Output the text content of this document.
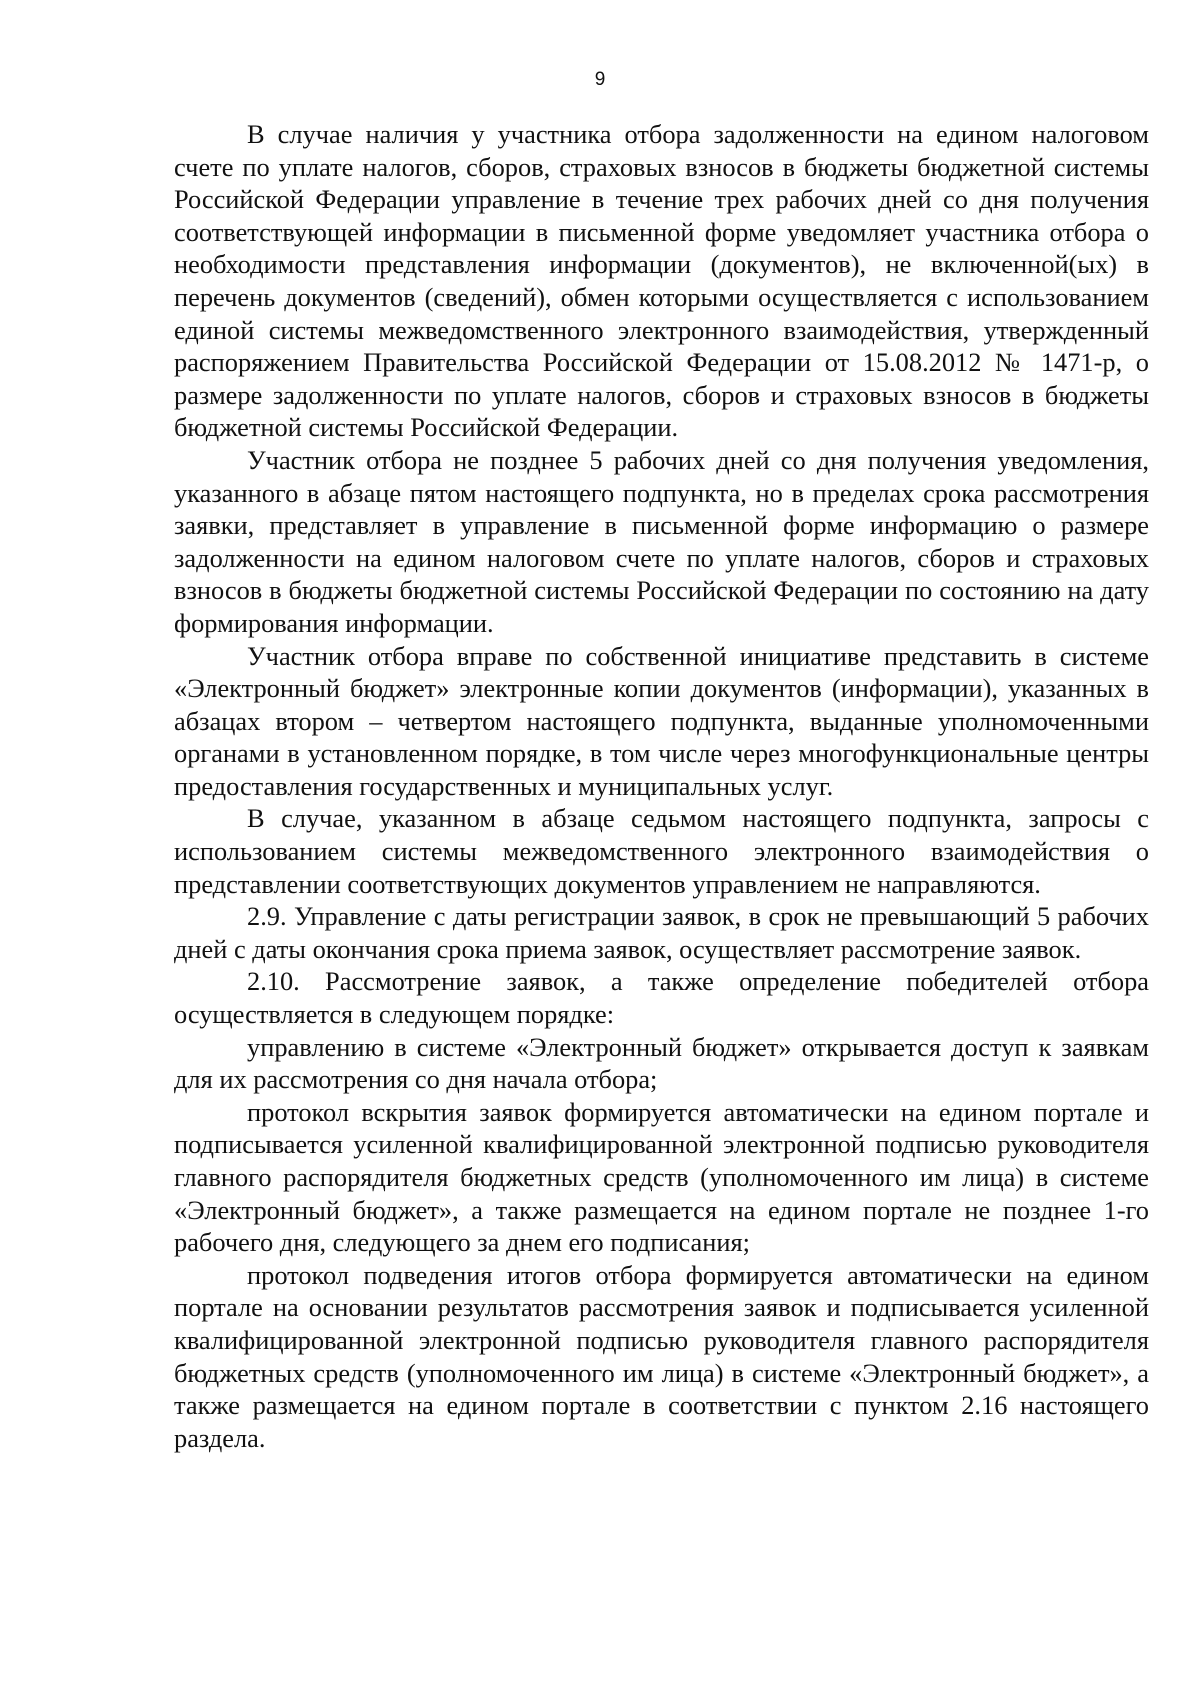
9

В случае наличия у участника отбора задолженности на едином налоговом счете по уплате налогов, сборов, страховых взносов в бюджеты бюджетной системы Российской Федерации управление в течение трех рабочих дней со дня получения соответствующей информации в письменной форме уведомляет участника отбора о необходимости представления информации (документов), не включенной(ых) в перечень документов (сведений), обмен которыми осуществляется с использованием единой системы межведомственного электронного взаимодействия, утвержденный распоряжением Правительства Российской Федерации от 15.08.2012 № 1471-р, о размере задолженности по уплате налогов, сборов и страховых взносов в бюджеты бюджетной системы Российской Федерации.

Участник отбора не позднее 5 рабочих дней со дня получения уведомления, указанного в абзаце пятом настоящего подпункта, но в пределах срока рассмотрения заявки, представляет в управление в письменной форме информацию о размере задолженности на едином налоговом счете по уплате налогов, сборов и страховых взносов в бюджеты бюджетной системы Российской Федерации по состоянию на дату формирования информации.

Участник отбора вправе по собственной инициативе представить в системе «Электронный бюджет» электронные копии документов (информации), указанных в абзацах втором – четвертом настоящего подпункта, выданные уполномоченными органами в установленном порядке, в том числе через многофункциональные центры предоставления государственных и муниципальных услуг.

В случае, указанном в абзаце седьмом настоящего подпункта, запросы с использованием системы межведомственного электронного взаимодействия о представлении соответствующих документов управлением не направляются.

2.9. Управление с даты регистрации заявок, в срок не превышающий 5 рабочих дней с даты окончания срока приема заявок, осуществляет рассмотрение заявок.

2.10. Рассмотрение заявок, а также определение победителей отбора осуществляется в следующем порядке:

управлению в системе «Электронный бюджет» открывается доступ к заявкам для их рассмотрения со дня начала отбора;

протокол вскрытия заявок формируется автоматически на едином портале и подписывается усиленной квалифицированной электронной подписью руководителя главного распорядителя бюджетных средств (уполномоченного им лица) в системе «Электронный бюджет», а также размещается на едином портале не позднее 1-го рабочего дня, следующего за днем его подписания;

протокол подведения итогов отбора формируется автоматически на едином портале на основании результатов рассмотрения заявок и подписывается усиленной квалифицированной электронной подписью руководителя главного распорядителя бюджетных средств (уполномоченного им лица) в системе «Электронный бюджет», а также размещается на едином портале в соответствии с пунктом 2.16 настоящего раздела.
